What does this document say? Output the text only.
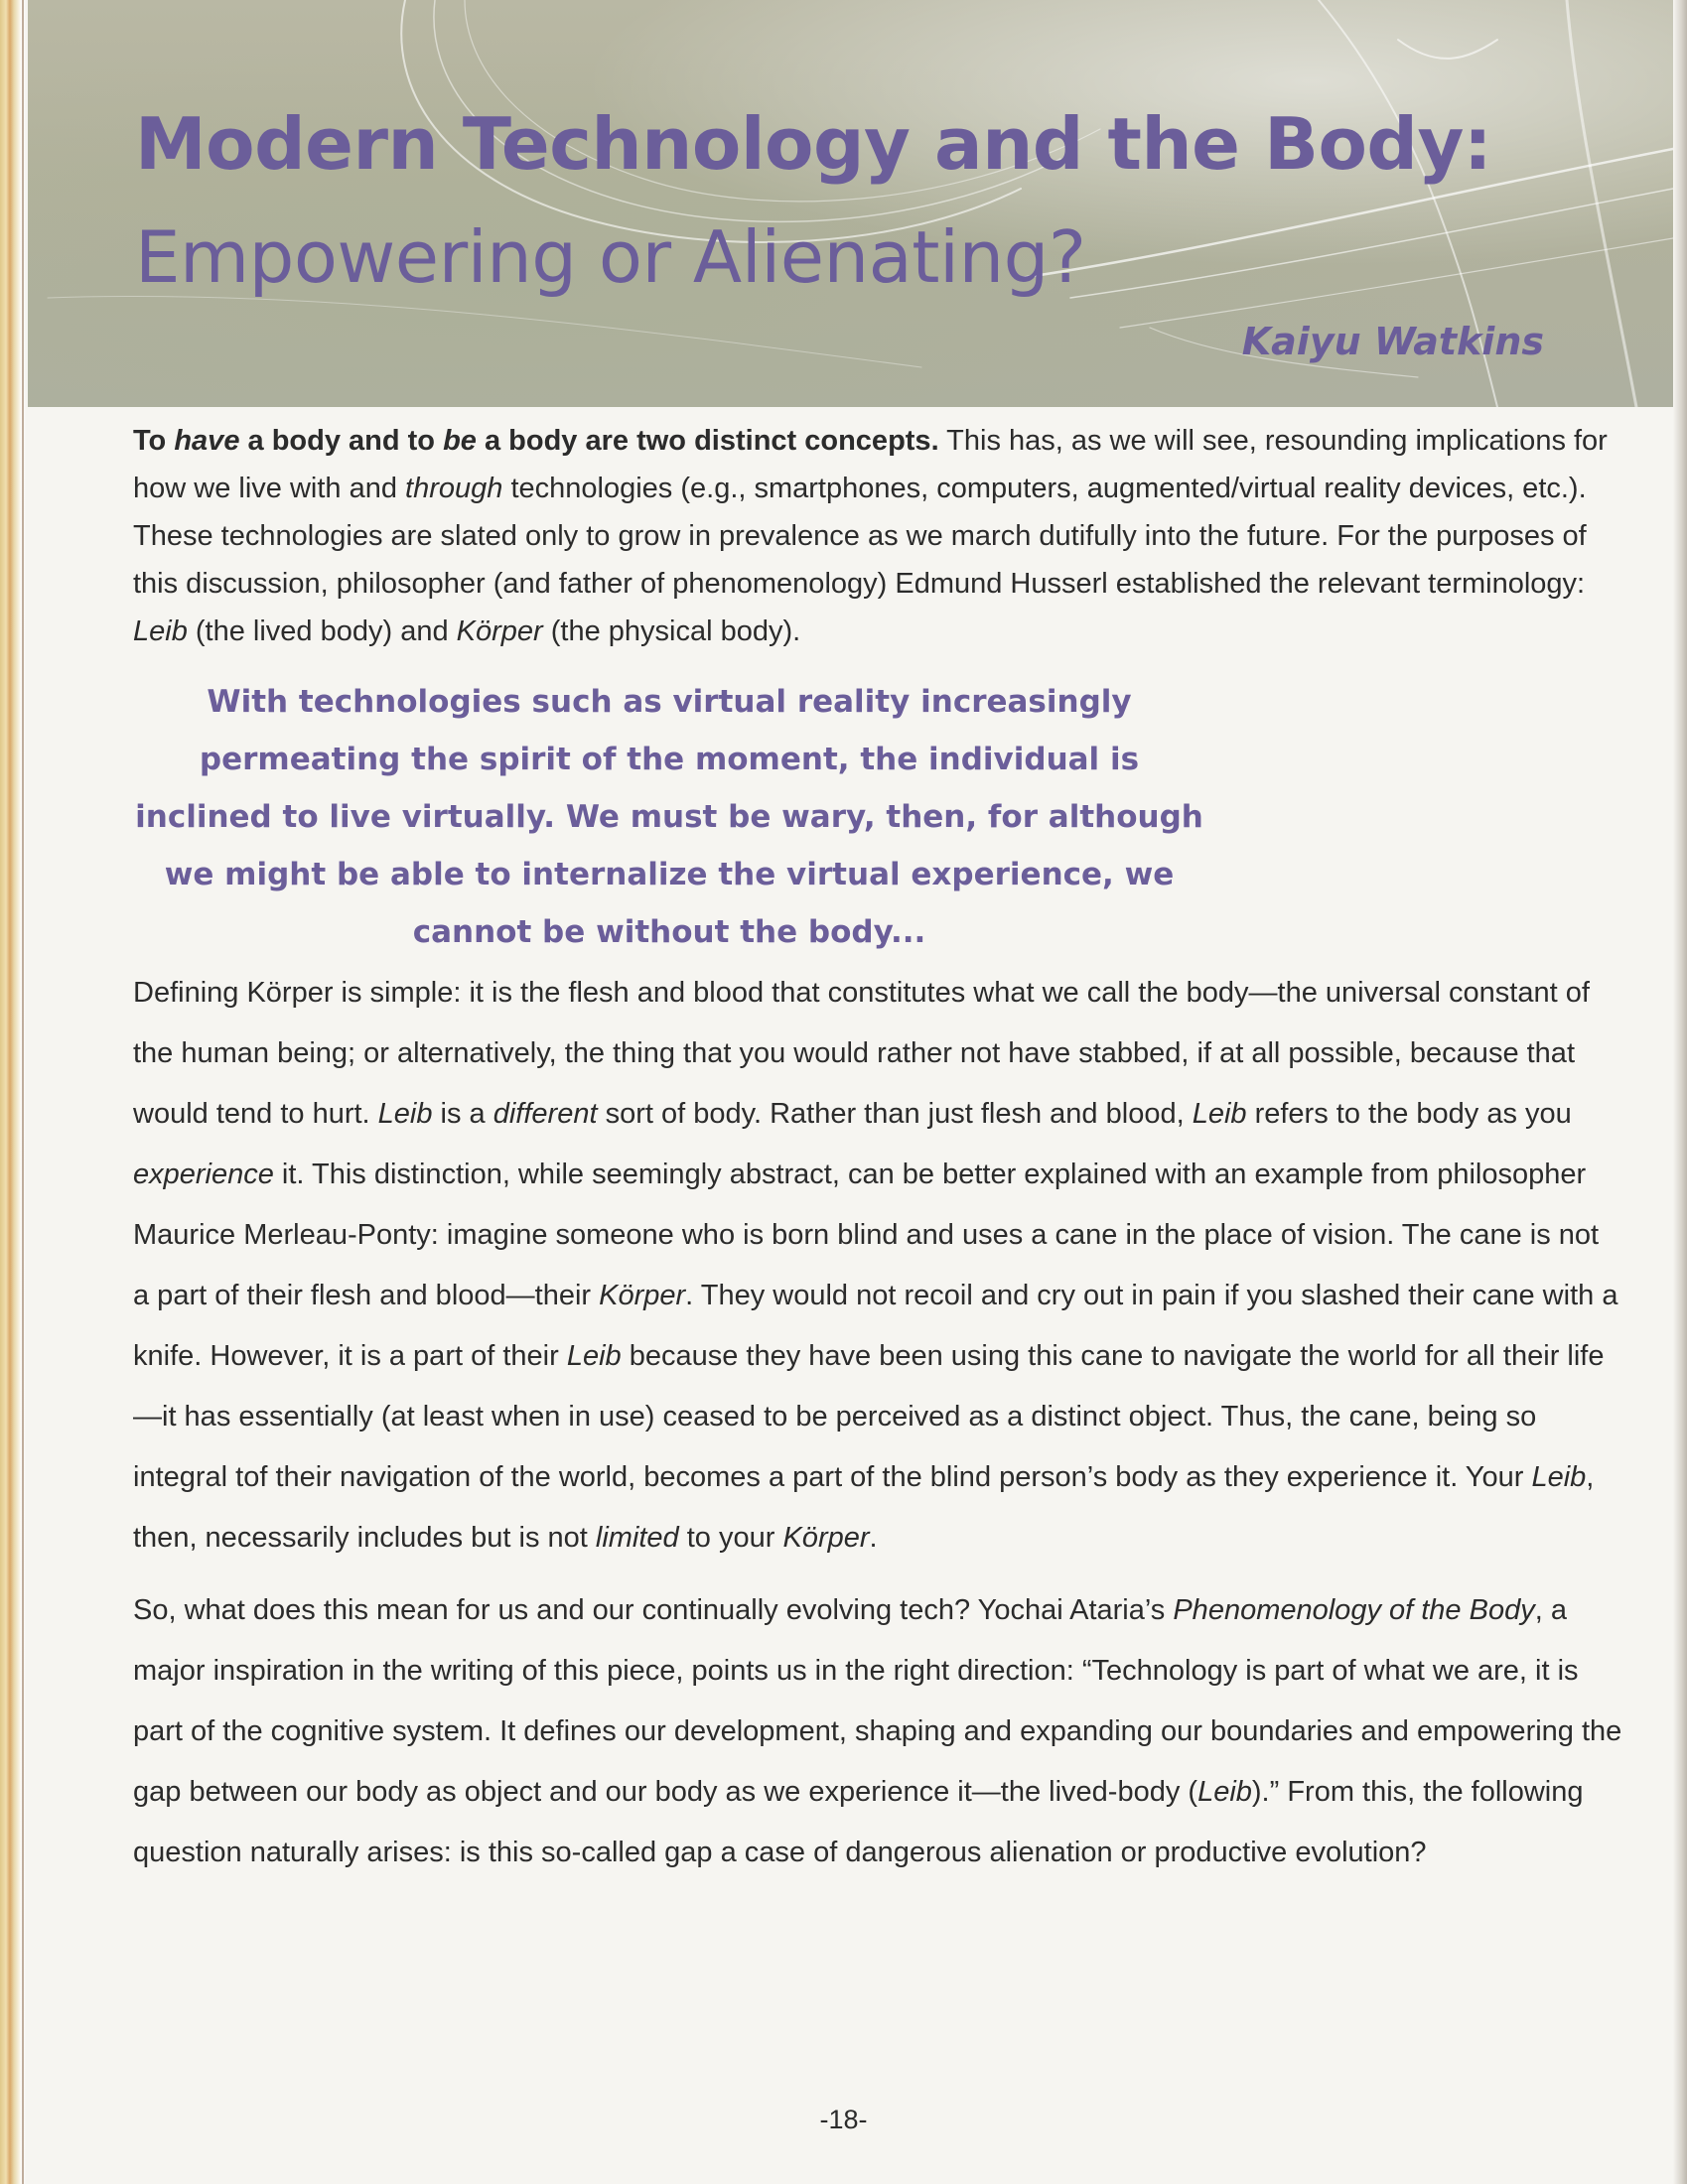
Modern Technology and the Body:
Empowering or Alienating?
Kaiyu Watkins

To have a body and to be a body are two distinct concepts. This has, as we will see, resounding implications for how we live with and through technologies (e.g., smartphones, computers, augmented/virtual reality devices, etc.). These technologies are slated only to grow in prevalence as we march dutifully into the future. For the purposes of this discussion, philosopher (and father of phenomenology) Edmund Husserl established the relevant terminology: Leib (the lived body) and Körper (the physical body).

With technologies such as virtual reality increasingly permeating the spirit of the moment, the individual is inclined to live virtually. We must be wary, then, for although we might be able to internalize the virtual experience, we cannot be without the body...

Defining Körper is simple: it is the flesh and blood that constitutes what we call the body—the universal constant of the human being; or alternatively, the thing that you would rather not have stabbed, if at all possible, because that would tend to hurt. Leib is a different sort of body. Rather than just flesh and blood, Leib refers to the body as you experience it. This distinction, while seemingly abstract, can be better explained with an example from philosopher Maurice Merleau-Ponty: imagine someone who is born blind and uses a cane in the place of vision. The cane is not a part of their flesh and blood—their Körper. They would not recoil and cry out in pain if you slashed their cane with a knife. However, it is a part of their Leib because they have been using this cane to navigate the world for all their life—it has essentially (at least when in use) ceased to be perceived as a distinct object. Thus, the cane, being so integral tof their navigation of the world, becomes a part of the blind person’s body as they experience it. Your Leib, then, necessarily includes but is not limited to your Körper.

So, what does this mean for us and our continually evolving tech? Yochai Ataria’s Phenomenology of the Body, a major inspiration in the writing of this piece, points us in the right direction: “Technology is part of what we are, it is part of the cognitive system. It defines our development, shaping and expanding our boundaries and empowering the gap between our body as object and our body as we experience it—the lived-body (Leib).” From this, the following question naturally arises: is this so-called gap a case of dangerous alienation or productive evolution?

-18-
